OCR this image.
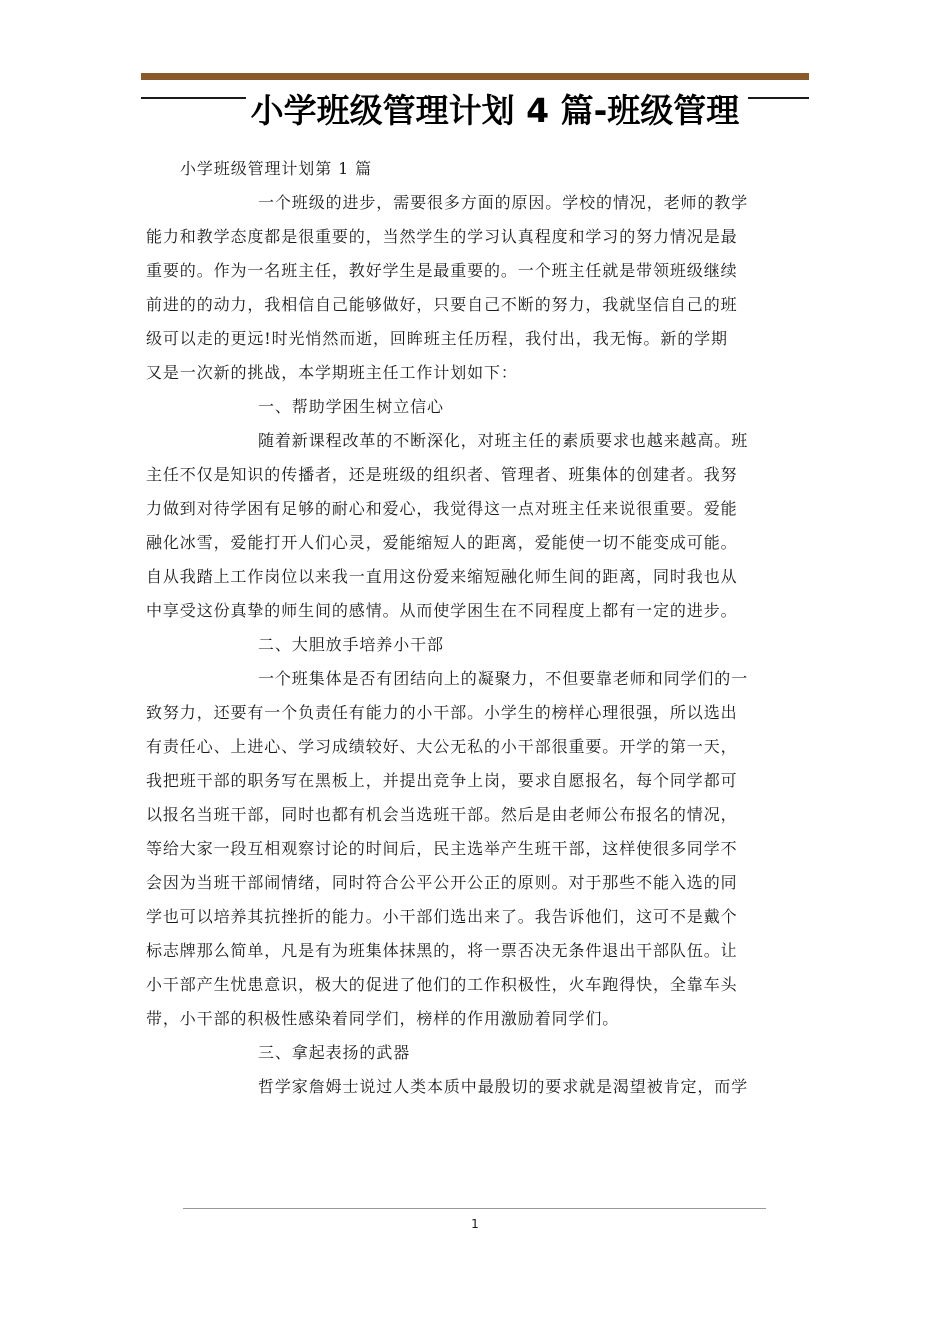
小学班级管理计划 4 篇-班级管理
小学班级管理计划第 1 篇
一个班级的进步，需要很多方面的原因。学校的情况，老师的教学
能力和教学态度都是很重要的，当然学生的学习认真程度和学习的努力情况是最
重要的。作为一名班主任，教好学生是最重要的。一个班主任就是带领班级继续
前进的的动力，我相信自己能够做好，只要自己不断的努力，我就坚信自己的班
级可以走的更远!时光悄然而逝，回眸班主任历程，我付出，我无悔。新的学期
又是一次新的挑战，本学期班主任工作计划如下：
一、帮助学困生树立信心
随着新课程改革的不断深化，对班主任的素质要求也越来越高。班
主任不仅是知识的传播者，还是班级的组织者、管理者、班集体的创建者。我努
力做到对待学困有足够的耐心和爱心，我觉得这一点对班主任来说很重要。爱能
融化冰雪，爱能打开人们心灵，爱能缩短人的距离，爱能使一切不能变成可能。
自从我踏上工作岗位以来我一直用这份爱来缩短融化师生间的距离，同时我也从
中享受这份真挚的师生间的感情。从而使学困生在不同程度上都有一定的进步。
二、大胆放手培养小干部
一个班集体是否有团结向上的凝聚力，不但要靠老师和同学们的一
致努力，还要有一个负责任有能力的小干部。小学生的榜样心理很强，所以选出
有责任心、上进心、学习成绩较好、大公无私的小干部很重要。开学的第一天，
我把班干部的职务写在黑板上，并提出竞争上岗，要求自愿报名，每个同学都可
以报名当班干部，同时也都有机会当选班干部。然后是由老师公布报名的情况，
等给大家一段互相观察讨论的时间后，民主选举产生班干部，这样使很多同学不
会因为当班干部闹情绪，同时符合公平公开公正的原则。对于那些不能入选的同
学也可以培养其抗挫折的能力。小干部们选出来了。我告诉他们，这可不是戴个
标志牌那么简单，凡是有为班集体抹黑的，将一票否决无条件退出干部队伍。让
小干部产生忧患意识，极大的促进了他们的工作积极性，火车跑得快，全靠车头
带，小干部的积极性感染着同学们，榜样的作用激励着同学们。
三、拿起表扬的武器
哲学家詹姆士说过人类本质中最殷切的要求就是渴望被肯定，而学
1
